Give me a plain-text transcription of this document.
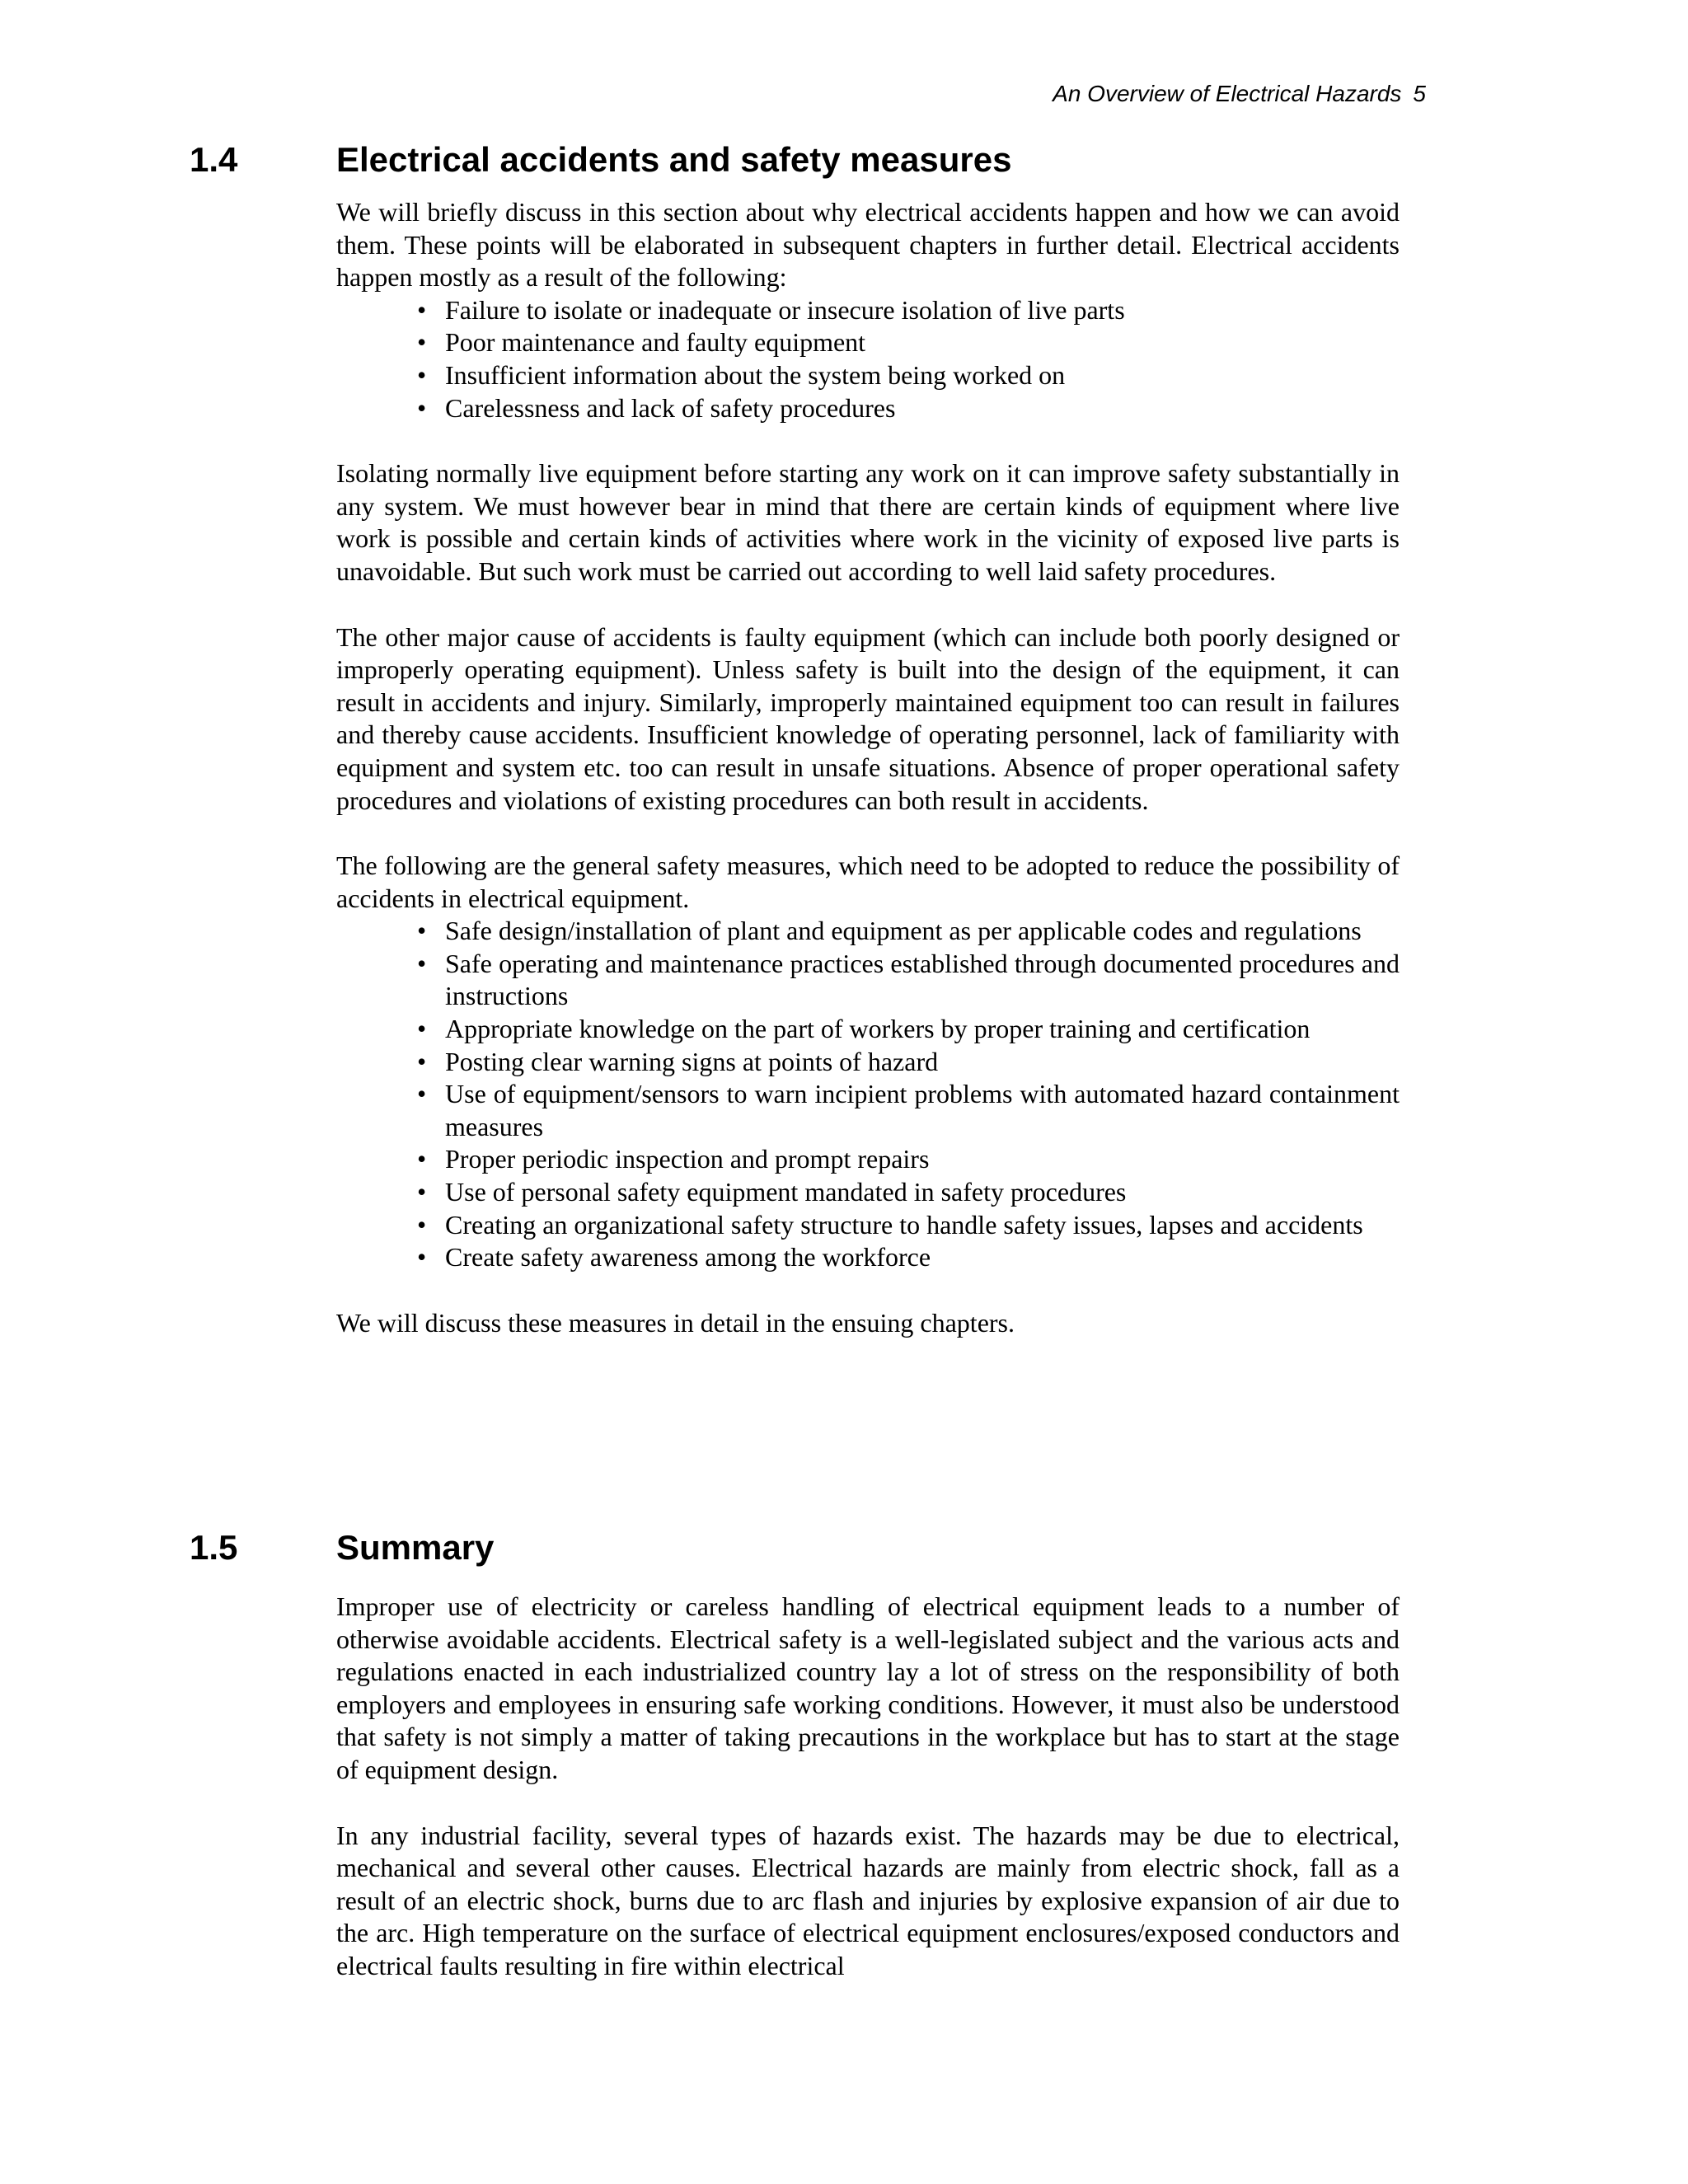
An Overview of Electrical Hazards 5
1.4	Electrical accidents and safety measures

We will briefly discuss in this section about why electrical accidents happen and how we can avoid them. These points will be elaborated in subsequent chapters in further detail. Electrical accidents happen mostly as a result of the following:

• Failure to isolate or inadequate or insecure isolation of live parts
• Poor maintenance and faulty equipment
• Insufficient information about the system being worked on
• Carelessness and lack of safety procedures

Isolating normally live equipment before starting any work on it can improve safety substantially in any system. We must however bear in mind that there are certain kinds of equipment where live work is possible and certain kinds of activities where work in the vicinity of exposed live parts is unavoidable. But such work must be carried out according to well laid safety procedures.

The other major cause of accidents is faulty equipment (which can include both poorly designed or improperly operating equipment). Unless safety is built into the design of the equipment, it can result in accidents and injury. Similarly, improperly maintained equipment too can result in failures and thereby cause accidents. Insufficient knowledge of operating personnel, lack of familiarity with equipment and system etc. too can result in unsafe situations. Absence of proper operational safety procedures and violations of existing procedures can both result in accidents.

The following are the general safety measures, which need to be adopted to reduce the possibility of accidents in electrical equipment.

• Safe design/installation of plant and equipment as per applicable codes and regulations
• Safe operating and maintenance practices established through documented procedures and instructions
• Appropriate knowledge on the part of workers by proper training and certification
• Posting clear warning signs at points of hazard
• Use of equipment/sensors to warn incipient problems with automated hazard containment measures
• Proper periodic inspection and prompt repairs
• Use of personal safety equipment mandated in safety procedures
• Creating an organizational safety structure to handle safety issues, lapses and accidents
• Create safety awareness among the workforce

We will discuss these measures in detail in the ensuing chapters.

1.5	Summary

Improper use of electricity or careless handling of electrical equipment leads to a number of otherwise avoidable accidents. Electrical safety is a well-legislated subject and the various acts and regulations enacted in each industrialized country lay a lot of stress on the responsibility of both employers and employees in ensuring safe working conditions. However, it must also be understood that safety is not simply a matter of taking precautions in the workplace but has to start at the stage of equipment design.

In any industrial facility, several types of hazards exist. The hazards may be due to electrical, mechanical and several other causes. Electrical hazards are mainly from electric shock, fall as a result of an electric shock, burns due to arc flash and injuries by explosive expansion of air due to the arc. High temperature on the surface of electrical equipment enclosures/exposed conductors and electrical faults resulting in fire within electrical
